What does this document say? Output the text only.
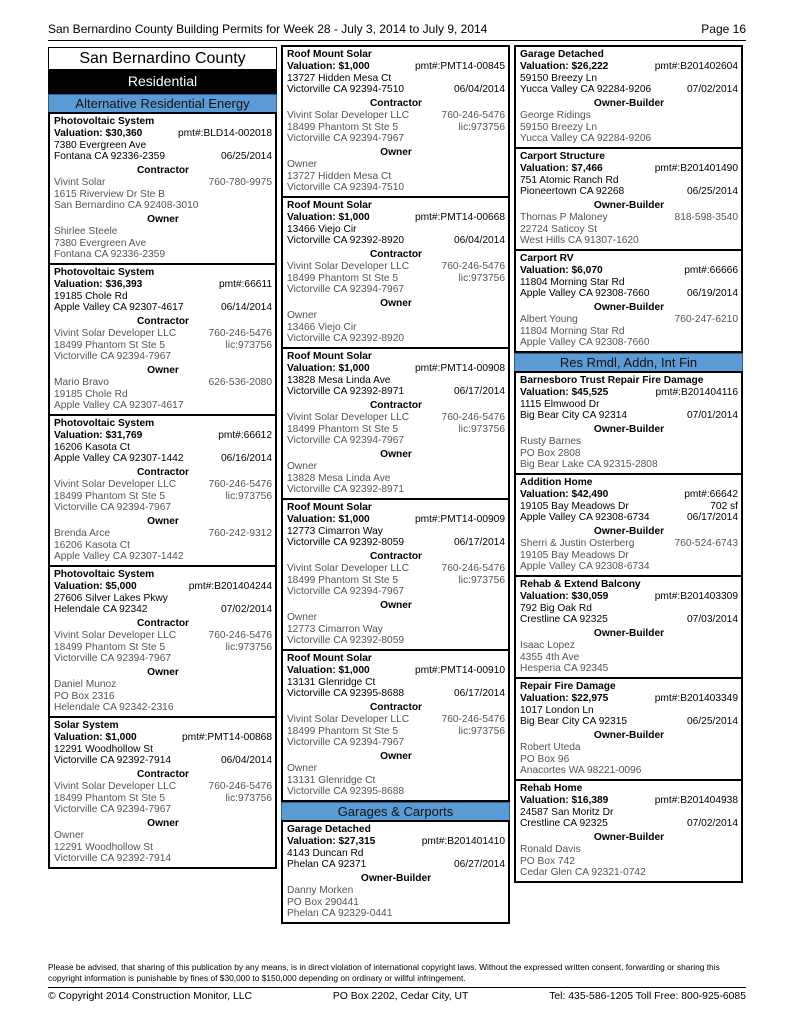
San Bernardino County Building Permits for Week 28 - July 3, 2014 to July 9, 2014	Page 16
San Bernardino County
Residential
Alternative Residential Energy
Photovoltaic System
Valuation: $30,360	pmt#:BLD14-002018
7380 Evergreen Ave
Fontana CA 92336-2359	06/25/2014
Contractor
Vivint Solar	760-780-9975
1615 Riverview Dr Ste B
San Bernardino CA 92408-3010
Owner
Shirlee Steele
7380 Evergreen Ave
Fontana CA 92336-2359
Photovoltaic System
Valuation: $36,393	pmt#:66611
19185 Chole Rd
Apple Valley CA 92307-4617	06/14/2014
Contractor
Vivint Solar Developer LLC	760-246-5476
18499 Phantom St Ste 5	lic:973756
Victorville CA 92394-7967
Owner
Mario Bravo	626-536-2080
19185 Chole Rd
Apple Valley CA 92307-4617
Photovoltaic System
Valuation: $31,769	pmt#:66612
16206 Kasota Ct
Apple Valley CA 92307-1442	06/16/2014
Contractor
Vivint Solar Developer LLC	760-246-5476
18499 Phantom St Ste 5	lic:973756
Victorville CA 92394-7967
Owner
Brenda Arce	760-242-9312
16206 Kasota Ct
Apple Valley CA 92307-1442
Photovoltaic System
Valuation: $5,000	pmt#:B201404244
27606 Silver Lakes Pkwy
Helendale CA 92342	07/02/2014
Contractor
Vivint Solar Developer LLC	760-246-5476
18499 Phantom St Ste 5	lic:973756
Victorville CA 92394-7967
Owner
Daniel Munoz
PO Box 2316
Helendale CA 92342-2316
Solar System
Valuation: $1,000	pmt#:PMT14-00868
12291 Woodhollow St
Victorville CA 92392-7914	06/04/2014
Contractor
Vivint Solar Developer LLC	760-246-5476
18499 Phantom St Ste 5	lic:973756
Victorville CA 92394-7967
Owner
Owner
12291 Woodhollow St
Victorville CA 92392-7914
Roof Mount Solar
Valuation: $1,000	pmt#:PMT14-00845
13727 Hidden Mesa Ct
Victorville CA 92394-7510	06/04/2014
Contractor
Vivint Solar Developer LLC	760-246-5476
18499 Phantom St Ste 5	lic:973756
Victorville CA 92394-7967
Owner
Owner
13727 Hidden Mesa Ct
Victorville CA 92394-7510
Roof Mount Solar
Valuation: $1,000	pmt#:PMT14-00668
13466 Viejo Cir
Victorville CA 92392-8920	06/04/2014
Contractor
Vivint Solar Developer LLC	760-246-5476
18499 Phantom St Ste 5	lic:973756
Victorville CA 92394-7967
Owner
Owner
13466 Viejo Cir
Victorville CA 92392-8920
Roof Mount Solar
Valuation: $1,000	pmt#:PMT14-00908
13828 Mesa Linda Ave
Victorville CA 92392-8971	06/17/2014
Contractor
Vivint Solar Developer LLC	760-246-5476
18499 Phantom St Ste 5	lic:973756
Victorville CA 92394-7967
Owner
Owner
13828 Mesa Linda Ave
Victorville CA 92392-8971
Roof Mount Solar
Valuation: $1,000	pmt#:PMT14-00909
12773 Cimarron Way
Victorville CA 92392-8059	06/17/2014
Contractor
Vivint Solar Developer LLC	760-246-5476
18499 Phantom St Ste 5	lic:973756
Victorville CA 92394-7967
Owner
Owner
12773 Cimarron Way
Victorville CA 92392-8059
Roof Mount Solar
Valuation: $1,000	pmt#:PMT14-00910
13131 Glenridge Ct
Victorville CA 92395-8688	06/17/2014
Contractor
Vivint Solar Developer LLC	760-246-5476
18499 Phantom St Ste 5	lic:973756
Victorville CA 92394-7967
Owner
Owner
13131 Glenridge Ct
Victorville CA 92395-8688
Garages & Carports
Garage Detached
Valuation: $27,315	pmt#:B201401410
4143 Duncan Rd
Phelan CA 92371	06/27/2014
Owner-Builder
Danny Morken
PO Box 290441
Phelan CA 92329-0441
Garage Detached
Valuation: $26,222	pmt#:B201402604
59150 Breezy Ln
Yucca Valley CA 92284-9206	07/02/2014
Owner-Builder
George Ridings
59150 Breezy Ln
Yucca Valley CA 92284-9206
Carport Structure
Valuation: $7,466	pmt#:B201401490
751 Atomic Ranch Rd
Pioneertown CA 92268	06/25/2014
Owner-Builder
Thomas P Maloney	818-598-3540
22724 Saticoy St
West Hills CA 91307-1620
Carport RV
Valuation: $6,070	pmt#:66666
11804 Morning Star Rd
Apple Valley CA 92308-7660	06/19/2014
Owner-Builder
Albert Young	760-247-6210
11804 Morning Star Rd
Apple Valley CA 92308-7660
Res Rmdl, Addn, Int Fin
Barnesboro Trust Repair Fire Damage
Valuation: $45,525	pmt#:B201404116
1115 Elmwood Dr
Big Bear City CA 92314	07/01/2014
Owner-Builder
Rusty Barnes
PO Box 2808
Big Bear Lake CA 92315-2808
Addition Home
Valuation: $42,490	pmt#:66642
19105 Bay Meadows Dr	702 sf
Apple Valley CA 92308-6734	06/17/2014
Owner-Builder
Sherri & Justin Osterberg	760-524-6743
19105 Bay Meadows Dr
Apple Valley CA 92308-6734
Rehab & Extend Balcony
Valuation: $30,059	pmt#:B201403309
792 Big Oak Rd
Crestline CA 92325	07/03/2014
Owner-Builder
Isaac Lopez
4355 4th Ave
Hesperia CA 92345
Repair Fire Damage
Valuation: $22,975	pmt#:B201403349
1017 London Ln
Big Bear City CA 92315	06/25/2014
Owner-Builder
Robert Uteda
PO Box 96
Anacortes WA 98221-0096
Rehab Home
Valuation: $16,389	pmt#:B201404938
24587 San Moritz Dr
Crestline CA 92325	07/02/2014
Owner-Builder
Ronald Davis
PO Box 742
Cedar Glen CA 92321-0742
Please be advised, that sharing of this publication by any means, is in direct violation of international copyright laws. Without the expressed written consent, forwarding or sharing this copyright information is punishable by fines of $30,000 to $150,000 depending on ordinary or willful infringement.
© Copyright 2014 Construction Monitor, LLC	PO Box 2202, Cedar City, UT	Tel: 435-586-1205 Toll Free: 800-925-6085
